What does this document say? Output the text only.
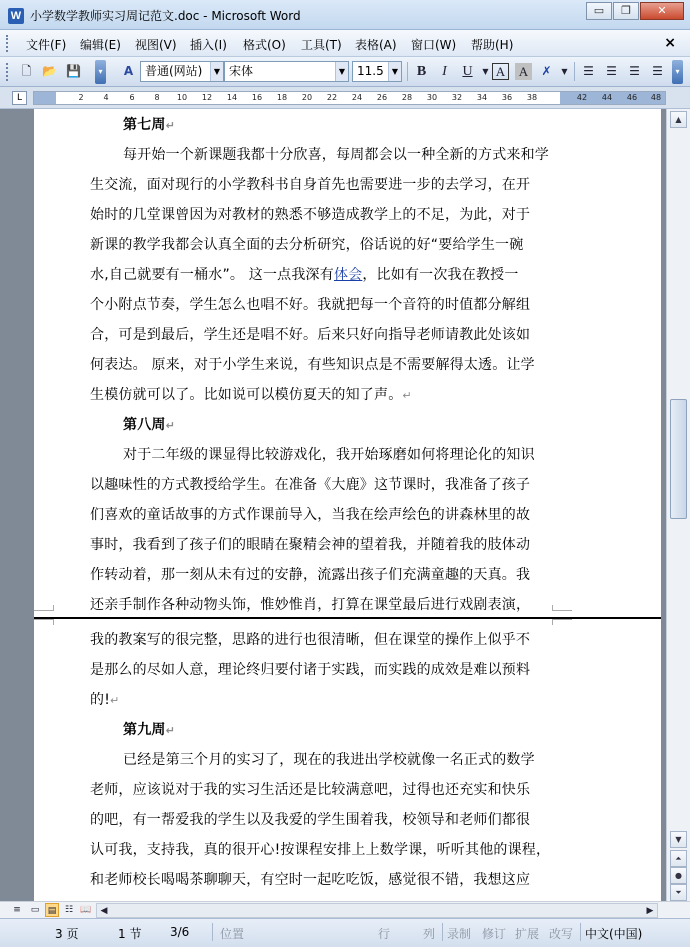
W 小学数学教师实习周记范文.doc - Microsoft Word	▭	❐	✕
文件(F) 编辑(E) 视图(V) 插入(I) 格式(O) 工具(T) 表格(A) 窗口(W) 帮助(H)	×
🗋 📂 💾	▾	A 普通(网站)	▼ 宋体	▼ 11.5	▼ B	I	U	▼ A A	✗	▼	☰ ☰ ☰ ☰	▾
L	2 4	6 8 10 12 14 16 18 20 22 24 26 28 30 32 34 36 38	42 44 46 48
第七周↵
每开始一个新课题我都十分欣喜，每周都会以一种全新的方式来和学
生交流，面对现行的小学教科书自身首先也需要进一步的去学习，在开
始时的几堂课曾因为对教材的熟悉不够造成教学上的不足，为此，对于
新课的教学我都会认真全面的去分析研究，俗话说的好“要给学生一碗
水,自己就要有一桶水”。 这一点我深有体会，比如有一次我在教授一
个小附点节奏，学生怎么也唱不好。我就把每一个音符的时值都分解组
合，可是到最后，学生还是唱不好。后来只好向指导老师请教此处该如
何表达。 原来，对于小学生来说，有些知识点是不需要解得太透。让学
生模仿就可以了。比如说可以模仿夏天的知了声。↵
第八周↵
对于二年级的课显得比较游戏化，我开始琢磨如何将理论化的知识
以趣味性的方式教授给学生。在准备《大鹿》这节课时，我准备了孩子
们喜欢的童话故事的方式作课前导入，当我在绘声绘色的讲森林里的故
事时，我看到了孩子们的眼睛在聚精会神的望着我，并随着我的肢体动
作转动着，那一刻从未有过的安静，流露出孩子们充满童趣的天真。我
还亲手制作各种动物头饰，惟妙惟肖，打算在课堂最后进行戏剧表演，
我的教案写的很完整，思路的进行也很清晰，但在课堂的操作上似乎不
是那么的尽如人意，理论终归要付诸于实践，而实践的成效是难以预料
的!↵
第九周↵
已经是第三个月的实习了，现在的我进出学校就像一名正式的数学
老师，应该说对于我的实习生活还是比较满意吧，过得也还充实和快乐
的吧，有一帮爱我的学生以及我爱的学生围着我，校领导和老师们都很
认可我，支持我，真的很开心!按课程安排上上数学课，听听其他的课程，
和老师校长喝喝茶聊聊天，有空时一起吃吃饭，感觉很不错，我想这应
▲
▼
⏶
●
⏷
≡	▭ ▤ ☷ 📖 ◀	▶
3 页	1 节 3/6	位置	行	列 录制 修订 扩展 改写 中文(中国)
